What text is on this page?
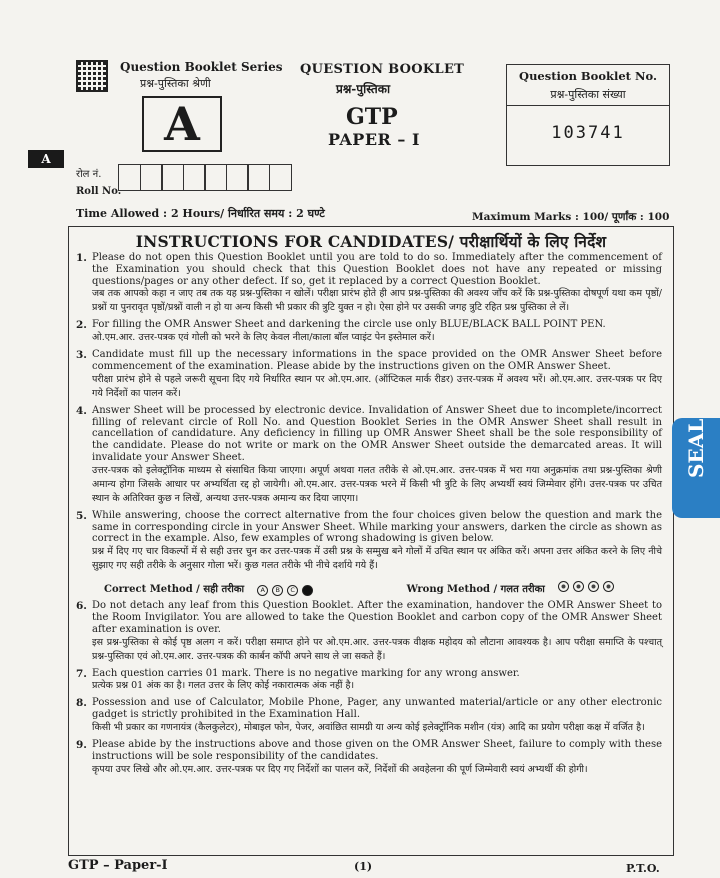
Question Booklet Series
प्रश्न-पुस्तिका श्रेणी
A
QUESTION BOOKLET
प्रश्न-पुस्तिका
GTP
PAPER – I
Question Booklet No.
प्रश्न-पुस्तिका संख्या
103741
A
रोल नं.
Roll No.
Time Allowed : 2 Hours/ निर्धारित समय : 2 घण्टे	Maximum Marks : 100/ पूर्णांक : 100
INSTRUCTIONS FOR CANDIDATES/ परीक्षार्थियों के लिए निर्देश
1. Please do not open this Question Booklet until you are told to do so. Immediately after the commencement of the Examination you should check that this Question Booklet does not have any repeated or missing questions/pages or any other defect. If so, get it replaced by a correct Question Booklet.
जब तक आपको कहा न जाए तब तक यह प्रश्न-पुस्तिका न खोलें। परीक्षा प्रारंभ होते ही आप प्रश्न-पुस्तिका की अवश्य जाँच करें कि प्रश्न-पुस्तिका दोषपूर्ण यथा कम पृष्ठों/प्रश्नों या पुनरावृत पृष्ठों/प्रश्नों वाली न हो या अन्य किसी भी प्रकार की त्रुटि युक्त न हो। ऐसा होने पर उसकी जगह त्रुटि रहित प्रश्न पुस्तिका ले लें।
2. For filling the OMR Answer Sheet and darkening the circle use only BLUE/BLACK BALL POINT PEN.
ओ.एम.आर. उत्तर-पत्रक एवं गोली को भरने के लिए केवल नीला/काला बॉल प्वाइंट पेन इस्तेमाल करें।
3. Candidate must fill up the necessary informations in the space provided on the OMR Answer Sheet before commencement of the examination. Please abide by the instructions given on the OMR Answer Sheet.
परीक्षा प्रारंभ होने से पहले जरूरी सूचना दिए गये निर्धारित स्थान पर ओ.एम.आर. (ऑप्टिकल मार्क रीडर) उत्तर-पत्रक में अवश्य भरें। ओ.एम.आर. उत्तर-पत्रक पर दिए गये निर्देशों का पालन करें।
4. Answer Sheet will be processed by electronic device. Invalidation of Answer Sheet due to incomplete/incorrect filling of relevant circle of Roll No. and Question Booklet Series in the OMR Answer Sheet shall result in cancellation of candidature. Any deficiency in filling up OMR Answer Sheet shall be the sole responsibility of the candidate. Please do not write or mark on the OMR Answer Sheet outside the demarcated areas. It will invalidate your Answer Sheet.
उत्तर-पत्रक को इलेक्ट्रॉनिक माध्यम से संसाधित किया जाएगा। अपूर्ण अथवा गलत तरीके से ओ.एम.आर. उत्तर-पत्रक में भरा गया अनुक्रमांक तथा प्रश्न-पुस्तिका श्रेणी अमान्य होगा जिसके आधार पर अभ्यर्थिता रद्द हो जायेगी। ओ.एम.आर. उत्तर-पत्रक भरने में किसी भी त्रुटि के लिए अभ्यर्थी स्वयं जिम्मेवार होंगे। उत्तर-पत्रक पर उचित स्थान के अतिरिक्त कुछ न लिखें, अन्यथा उत्तर-पत्रक अमान्य कर दिया जाएगा।
5. While answering, choose the correct alternative from the four choices given below the question and mark the same in corresponding circle in your Answer Sheet. While marking your answers, darken the circle as shown as correct in the example. Also, few examples of wrong shadowing is given below.
प्रश्न में दिए गए चार विकल्पों में से सही उत्तर चुन कर उत्तर-पत्रक में उसी प्रश्न के सम्मुख बने गोलों में उचित स्थान पर अंकित करें। अपना उत्तर अंकित करने के लिए नीचे सुझाए गए सही तरीके के अनुसार गोला भरें। कुछ गलत तरीके भी नीचे दर्शाये गये हैं।
Correct Method / सही तरीका	A	B	C	Wrong Method / गलत तरीका
6. Do not detach any leaf from this Question Booklet. After the examination, handover the OMR Answer Sheet to the Room Invigilator. You are allowed to take the Question Booklet and carbon copy of the OMR Answer Sheet after examination is over.
इस प्रश्न-पुस्तिका से कोई पृष्ठ अलग न करें। परीक्षा समाप्त होने पर ओ.एम.आर. उत्तर-पत्रक वीक्षक महोदय को लौटाना आवश्यक है। आप परीक्षा समाप्ति के पश्चात् प्रश्न-पुस्तिका एवं ओ.एम.आर. उत्तर-पत्रक की कार्बन कॉपी अपने साथ ले जा सकते हैं।
7. Each question carries 01 mark. There is no negative marking for any wrong answer.
प्रत्येक प्रश्न 01 अंक का है। गलत उत्तर के लिए कोई नकारात्मक अंक नहीं है।
8. Possession and use of Calculator, Mobile Phone, Pager, any unwanted material/article or any other electronic gadget is strictly prohibited in the Examination Hall.
किसी भी प्रकार का गणनायंत्र (कैलकुलेटर), मोबाइल फोन, पेजर, अवांछित सामग्री या अन्य कोई इलेक्ट्रॉनिक मशीन (यंत्र) आदि का प्रयोग परीक्षा कक्ष में वर्जित है।
9. Please abide by the instructions above and those given on the OMR Answer Sheet, failure to comply with these instructions will be sole responsibility of the candidates.
कृपया उपर लिखे और ओ.एम.आर. उत्तर-पत्रक पर दिए गए निर्देशों का पालन करें, निर्देशों की अवहेलना की पूर्ण जिम्मेवारी स्वयं अभ्यर्थी की होगी।
SEAL
GTP – Paper-I	(1)	P.T.O.
